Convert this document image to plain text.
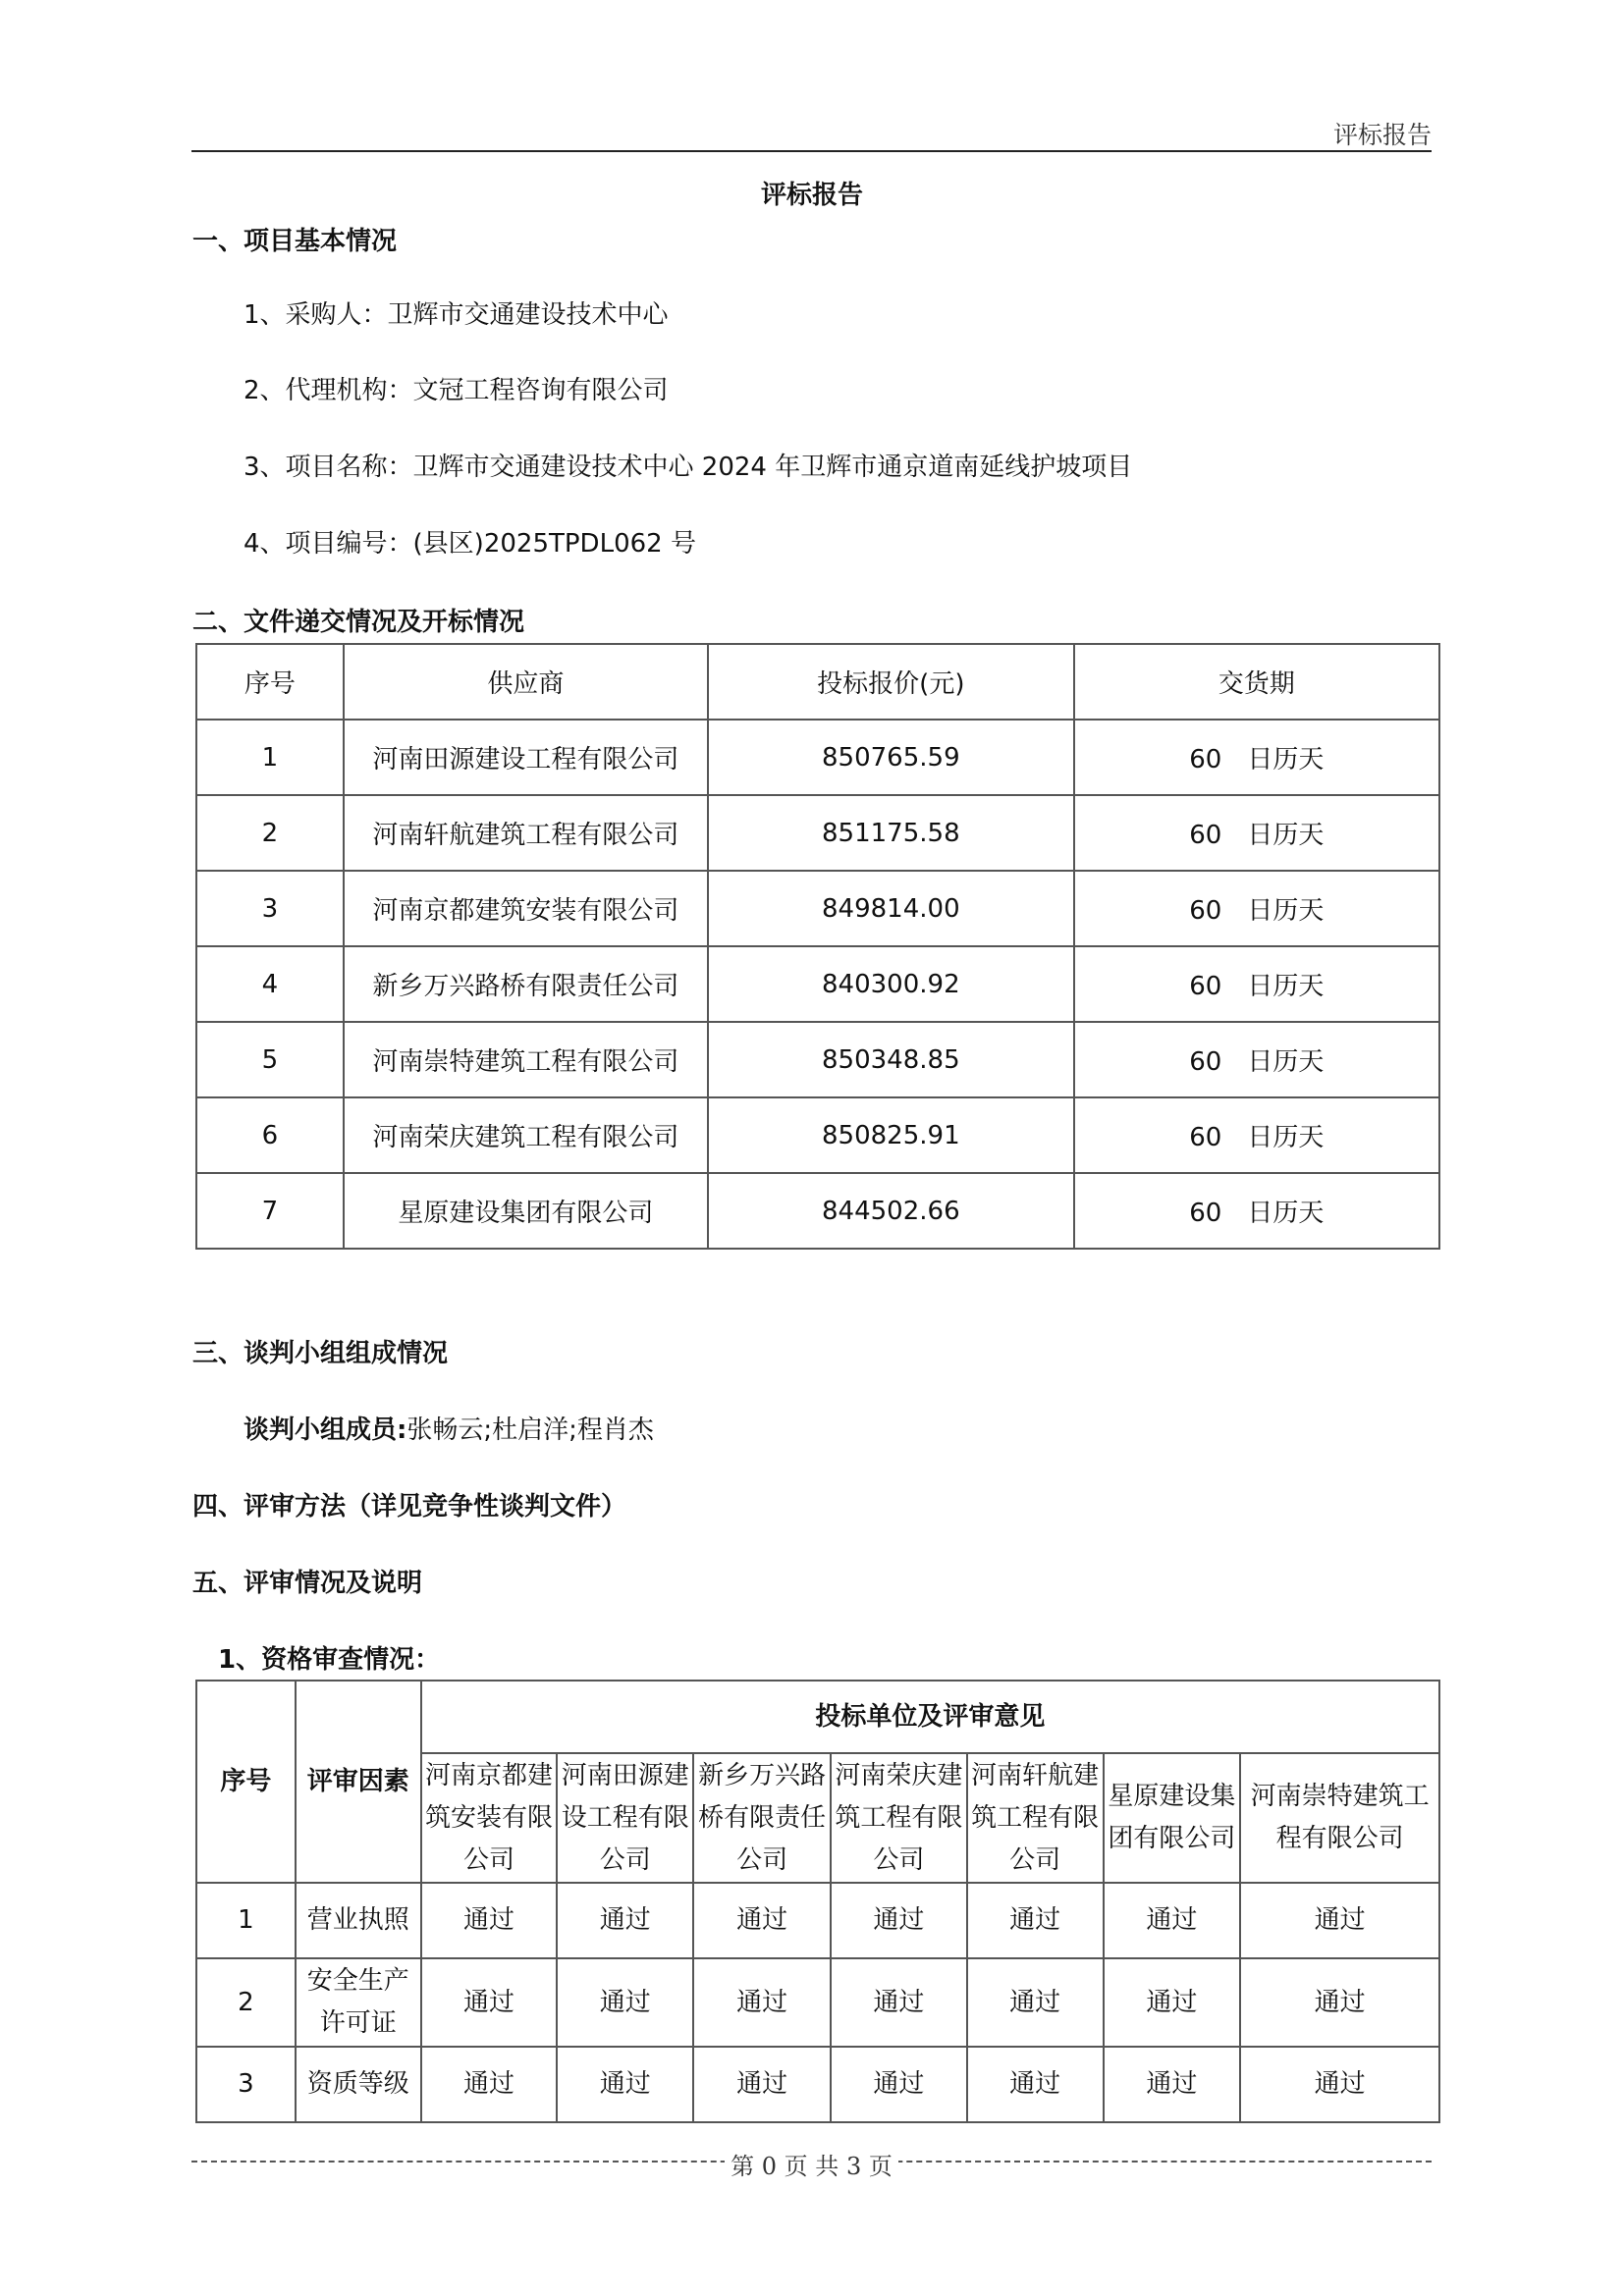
评标报告
评标报告
一、项目基本情况
1、采购人：卫辉市交通建设技术中心
2、代理机构：文冠工程咨询有限公司
3、项目名称：卫辉市交通建设技术中心 2024 年卫辉市通京道南延线护坡项目
4、项目编号：(县区)2025TPDL062 号
二、文件递交情况及开标情况
序号	供应商	投标报价(元)	交货期
1	河南田源建设工程有限公司	850765.59	60　日历天
2	河南轩航建筑工程有限公司	851175.58	60　日历天
3	河南京都建筑安装有限公司	849814.00	60　日历天
4	新乡万兴路桥有限责任公司	840300.92	60　日历天
5	河南崇特建筑工程有限公司	850348.85	60　日历天
6	河南荣庆建筑工程有限公司	850825.91	60　日历天
7	星原建设集团有限公司	844502.66	60　日历天
三、谈判小组组成情况
谈判小组成员:张畅云;杜启洋;程肖杰
四、评审方法（详见竞争性谈判文件）
五、评审情况及说明
1、资格审查情况：
序号	评审因素	投标单位及评审意见						
		河南京都建筑安装有限公司	河南田源建设工程有限公司	新乡万兴路桥有限责任公司	河南荣庆建筑工程有限公司	河南轩航建筑工程有限公司	星原建设集团有限公司	河南崇特建筑工程有限公司
1	营业执照	通过	通过	通过	通过	通过	通过	通过
2	安全生产许可证	通过	通过	通过	通过	通过	通过	通过
3	资质等级	通过	通过	通过	通过	通过	通过	通过
第 0 页 共 3 页
